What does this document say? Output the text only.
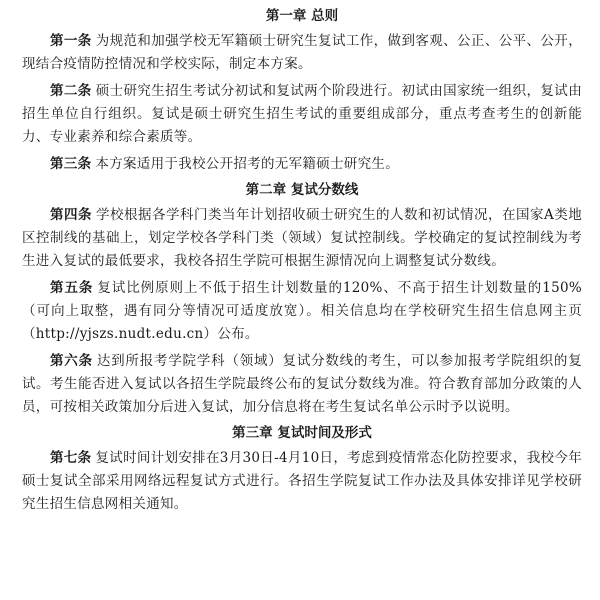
第一章 总则

第一条 为规范和加强学校无军籍硕士研究生复试工作，做到客观、公正、公平、公开，现结合疫情防控情况和学校实际，制定本方案。

第二条 硕士研究生招生考试分初试和复试两个阶段进行。初试由国家统一组织，复试由招生单位自行组织。复试是硕士研究生招生考试的重要组成部分，重点考查考生的创新能力、专业素养和综合素质等。

第三条 本方案适用于我校公开招考的无军籍硕士研究生。

第二章 复试分数线

第四条 学校根据各学科门类当年计划招收硕士研究生的人数和初试情况，在国家A类地区控制线的基础上，划定学校各学科门类（领域）复试控制线。学校确定的复试控制线为考生进入复试的最低要求，我校各招生学院可根据生源情况向上调整复试分数线。

第五条 复试比例原则上不低于招生计划数量的120%、不高于招生计划数量的150%（可向上取整，遇有同分等情况可适度放宽）。相关信息均在学校研究生招生信息网主页（http://yjszs.nudt.edu.cn）公布。

第六条 达到所报考学院学科（领域）复试分数线的考生，可以参加报考学院组织的复试。考生能否进入复试以各招生学院最终公布的复试分数线为准。符合教育部加分政策的人员，可按相关政策加分后进入复试，加分信息将在考生复试名单公示时予以说明。

第三章 复试时间及形式

第七条 复试时间计划安排在3月30日-4月10日，考虑到疫情常态化防控要求，我校今年硕士复试全部采用网络远程复试方式进行。各招生学院复试工作办法及具体安排详见学校研究生招生信息网相关通知。
